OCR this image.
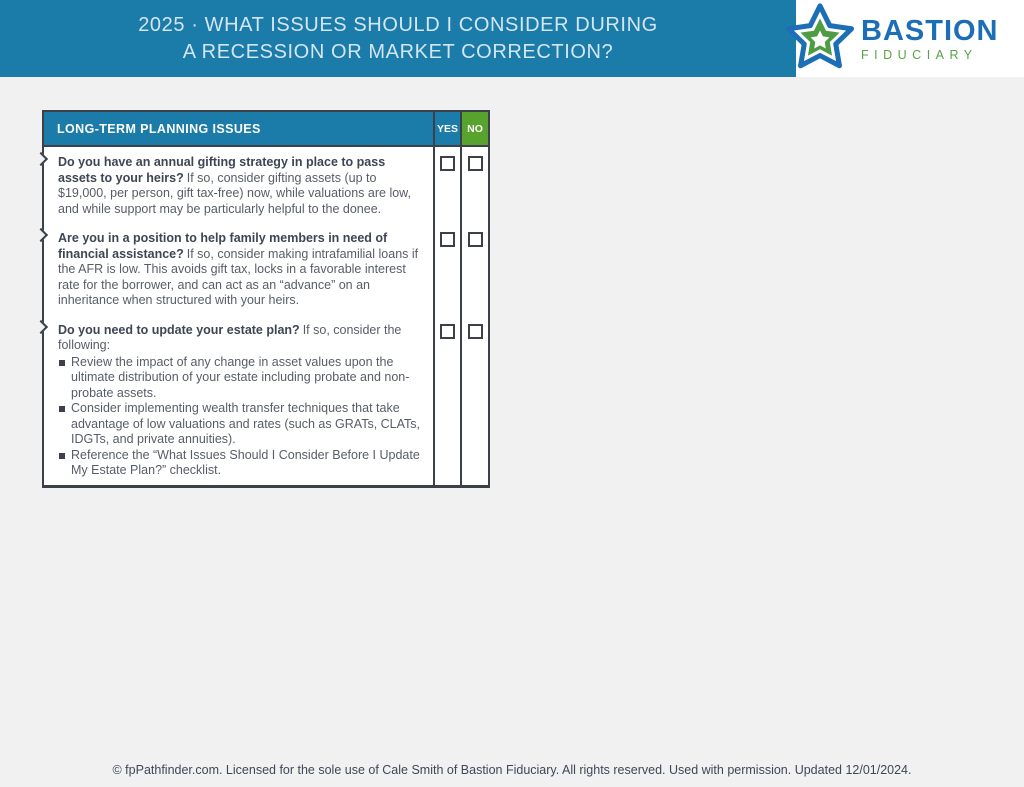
2025 · WHAT ISSUES SHOULD I CONSIDER DURING
A RECESSION OR MARKET CORRECTION?
BASTION
FIDUCIARY
LONG-TERM PLANNING ISSUES	YES NO
Do you have an annual gifting strategy in place to pass assets to your heirs? If so, consider gifting assets (up to $19,000, per person, gift tax-free) now, while valuations are low, and while support may be particularly helpful to the donee.
Are you in a position to help family members in need of financial assistance? If so, consider making intrafamilial loans if the AFR is low. This avoids gift tax, locks in a favorable interest rate for the borrower, and can act as an “advance” on an inheritance when structured with your heirs.
Do you need to update your estate plan? If so, consider the following:
Review the impact of any change in asset values upon the ultimate distribution of your estate including probate and non-probate assets.
Consider implementing wealth transfer techniques that take advantage of low valuations and rates (such as GRATs, CLATs, IDGTs, and private annuities).
Reference the “What Issues Should I Consider Before I Update My Estate Plan?” checklist.
© fpPathfinder.com. Licensed for the sole use of Cale Smith of Bastion Fiduciary. All rights reserved. Used with permission. Updated 12/01/2024.
